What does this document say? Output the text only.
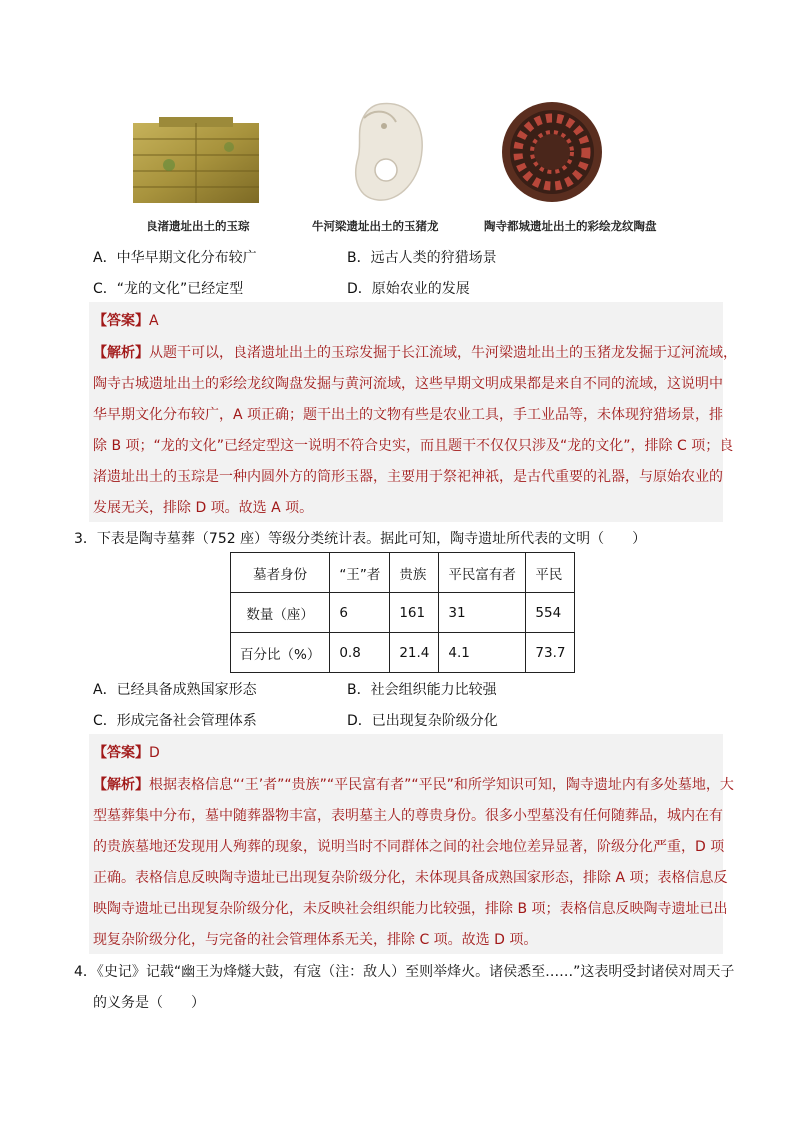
良渚遗址出土的玉琮	牛河梁遗址出土的玉猪龙	陶寺都城遗址出土的彩绘龙纹陶盘
A．中华早期文化分布较广	B．远古人类的狩猎场景
C．“龙的文化”已经定型	D．原始农业的发展
【答案】A
【解析】从题干可以，良渚遗址出土的玉琮发掘于长江流域，牛河梁遗址出土的玉猪龙发掘于辽河流域，
陶寺古城遗址出土的彩绘龙纹陶盘发掘与黄河流域，这些早期文明成果都是来自不同的流域，这说明中
华早期文化分布较广，A 项正确；题干出土的文物有些是农业工具，手工业品等，未体现狩猎场景，排
除 B 项；“龙的文化”已经定型这一说明不符合史实，而且题干不仅仅只涉及“龙的文化”，排除 C 项；良
渚遗址出土的玉琮是一种内圆外方的筒形玉器，主要用于祭祀神祇，是古代重要的礼器，与原始农业的
发展无关，排除 D 项。故选 A 项。
3．下表是陶寺墓葬（752 座）等级分类统计表。据此可知，陶寺遗址所代表的文明（　　）
墓者身份	“王”者	贵族	平民富有者	平民
数量（座）	6	161	31	554
百分比（%）	0.8	21.4	4.1	73.7
A．已经具备成熟国家形态	B．社会组织能力比较强
C．形成完备社会管理体系	D．已出现复杂阶级分化
【答案】D
【解析】根据表格信息“‘王’者”“贵族”“平民富有者”“平民”和所学知识可知，陶寺遗址内有多处墓地，大
型墓葬集中分布，墓中随葬器物丰富，表明墓主人的尊贵身份。很多小型墓没有任何随葬品，城内在有
的贵族墓地还发现用人殉葬的现象，说明当时不同群体之间的社会地位差异显著，阶级分化严重，D 项
正确。表格信息反映陶寺遗址已出现复杂阶级分化，未体现具备成熟国家形态，排除 A 项；表格信息反
映陶寺遗址已出现复杂阶级分化，未反映社会组织能力比较强，排除 B 项；表格信息反映陶寺遗址已出
现复杂阶级分化，与完备的社会管理体系无关，排除 C 项。故选 D 项。
4．《史记》记载“幽王为烽燧大鼓，有寇（注：敌人）至则举烽火。诸侯悉至……”这表明受封诸侯对周天子
的义务是（　　）
